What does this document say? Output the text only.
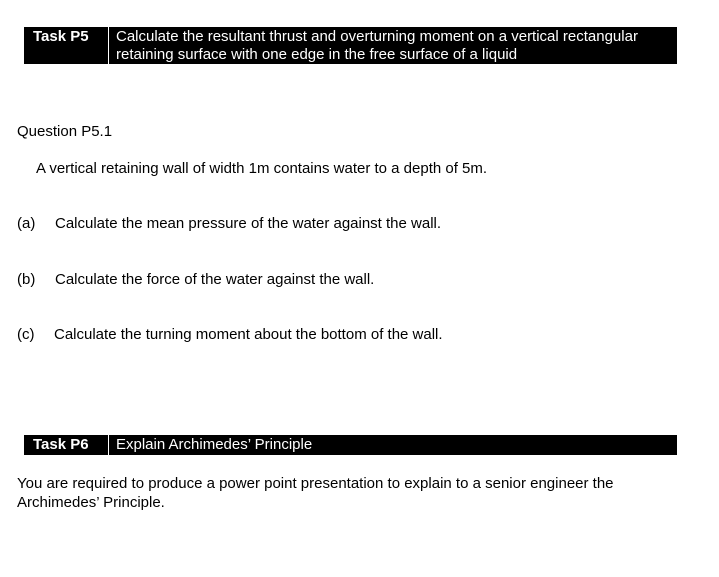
Task P5 Calculate the resultant thrust and overturning moment on a vertical rectangular retaining surface with one edge in the free surface of a liquid
Question P5.1
A vertical retaining wall of width 1m contains water to a depth of 5m.
(a) Calculate the mean pressure of the water against the wall.
(b) Calculate the force of the water against the wall.
(c) Calculate the turning moment about the bottom of the wall.
Task P6 Explain Archimedes’ Principle
You are required to produce a power point presentation to explain to a senior engineer the Archimedes’ Principle.
